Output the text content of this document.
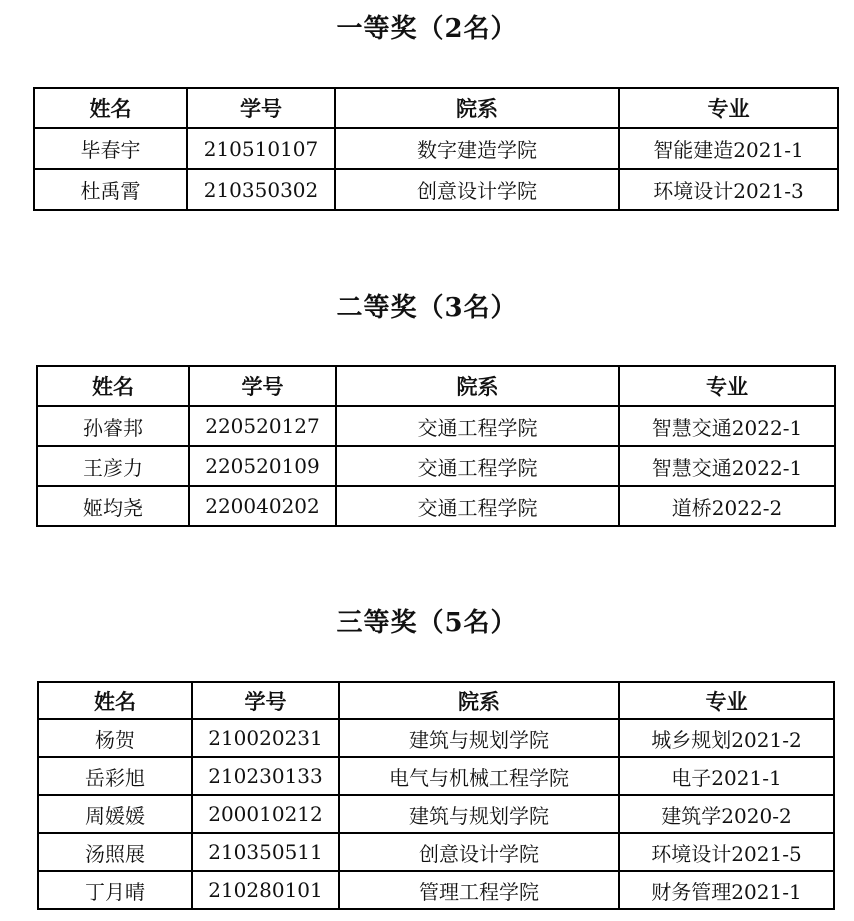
一等奖（2名）
姓名	学号	院系	专业
毕春宇	210510107	数字建造学院	智能建造2021-1
杜禹霄	210350302	创意设计学院	环境设计2021-3
二等奖（3名）
姓名	学号	院系	专业
孙睿邦	220520127	交通工程学院	智慧交通2022-1
王彦力	220520109	交通工程学院	智慧交通2022-1
姬均尧	220040202	交通工程学院	道桥2022-2
三等奖（5名）
姓名	学号	院系	专业
杨贺	210020231	建筑与规划学院	城乡规划2021-2
岳彩旭	210230133	电气与机械工程学院	电子2021-1
周媛媛	200010212	建筑与规划学院	建筑学2020-2
汤照展	210350511	创意设计学院	环境设计2021-5
丁月晴	210280101	管理工程学院	财务管理2021-1
